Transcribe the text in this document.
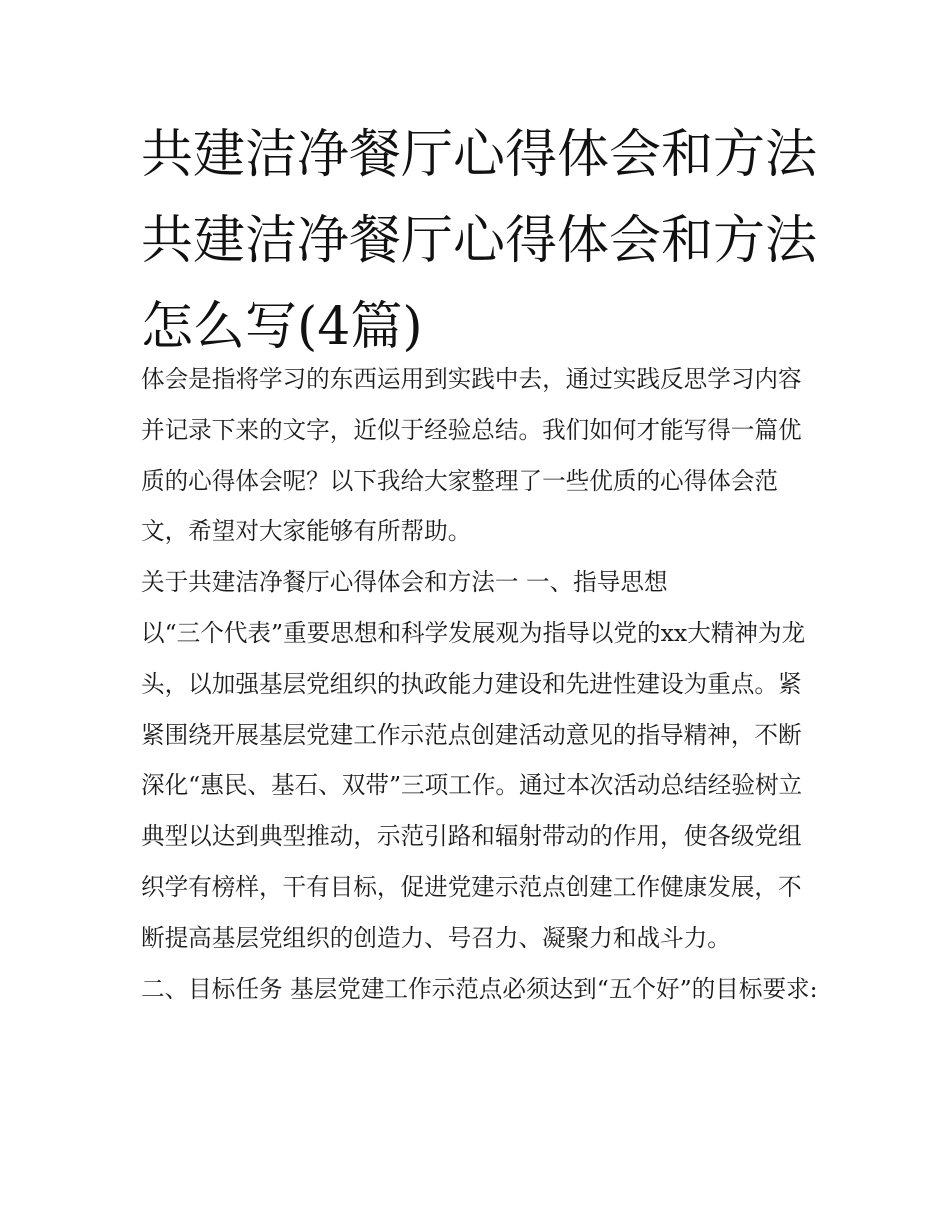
共建洁净餐厅心得体会和方法
共建洁净餐厅心得体会和方法
怎么写(4篇)

体会是指将学习的东西运用到实践中去，通过实践反思学习内容并记录下来的文字，近似于经验总结。我们如何才能写得一篇优质的心得体会呢？以下我给大家整理了一些优质的心得体会范文，希望对大家能够有所帮助。

关于共建洁净餐厅心得体会和方法一 一、指导思想

以“三个代表”重要思想和科学发展观为指导以党的xx大精神为龙头，以加强基层党组织的执政能力建设和先进性建设为重点。紧紧围绕开展基层党建工作示范点创建活动意见的指导精神，不断深化“惠民、基石、双带”三项工作。通过本次活动总结经验树立典型以达到典型推动，示范引路和辐射带动的作用，使各级党组织学有榜样，干有目标，促进党建示范点创建工作健康发展，不断提高基层党组织的创造力、号召力、凝聚力和战斗力。

二、目标任务 基层党建工作示范点必须达到“五个好”的目标要求:
